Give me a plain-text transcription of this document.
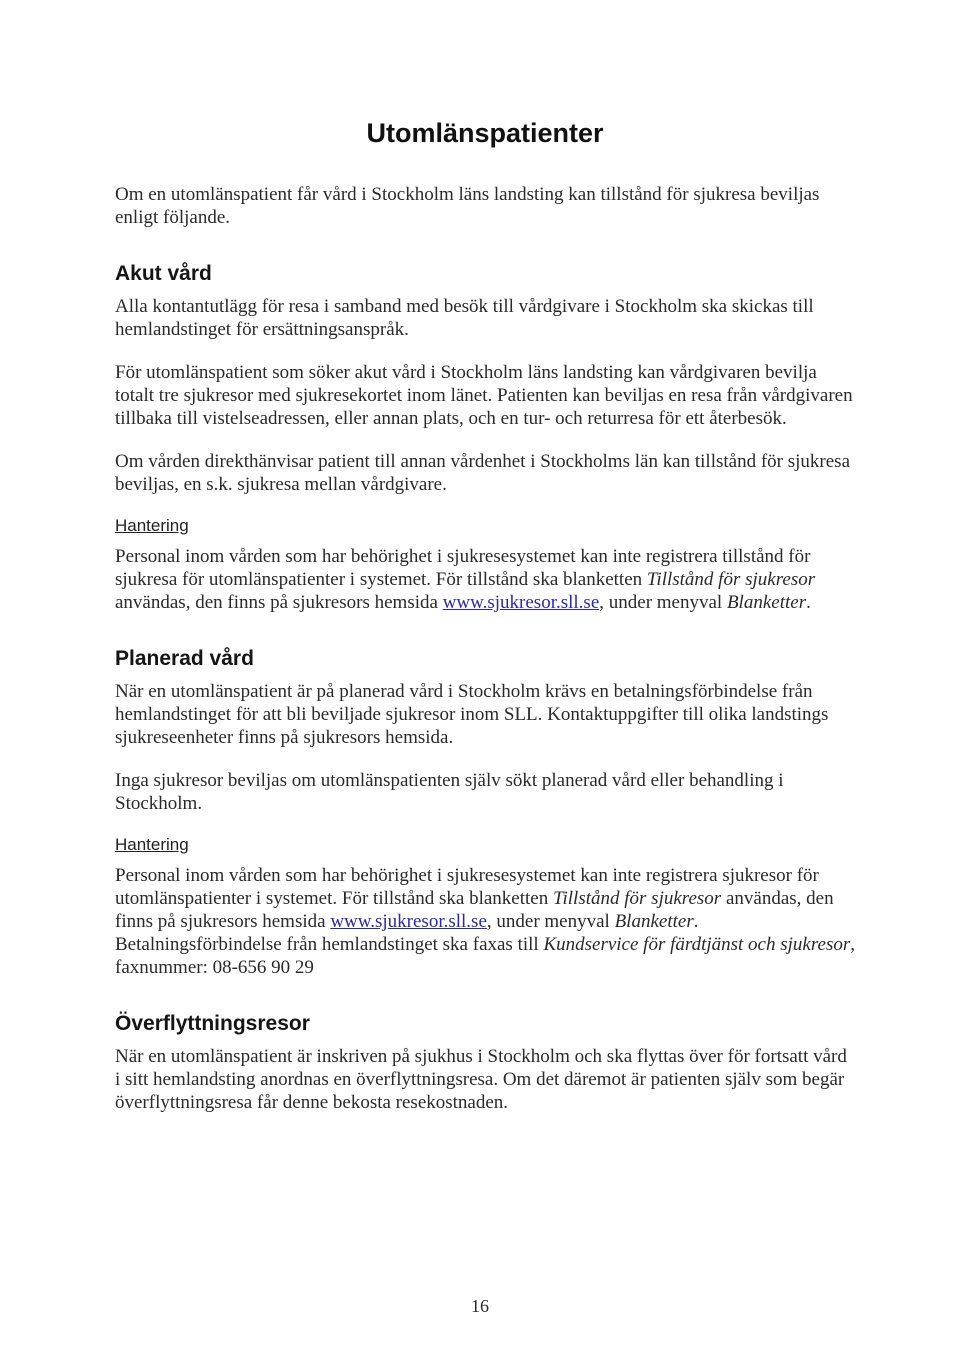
Utomlänspatienter

Om en utomlänspatient får vård i Stockholm läns landsting kan tillstånd för sjukresa beviljas enligt följande.

Akut vård

Alla kontantutlägg för resa i samband med besök till vårdgivare i Stockholm ska skickas till hemlandstinget för ersättningsanspråk.

För utomlänspatient som söker akut vård i Stockholm läns landsting kan vårdgivaren bevilja totalt tre sjukresor med sjukresekortet inom länet. Patienten kan beviljas en resa från vårdgivaren tillbaka till vistelseadressen, eller annan plats, och en tur- och returresa för ett återbesök.

Om vården direkthänvisar patient till annan vårdenhet i Stockholms län kan tillstånd för sjukresa beviljas, en s.k. sjukresa mellan vårdgivare.

Hantering

Personal inom vården som har behörighet i sjukresesystemet kan inte registrera tillstånd för sjukresa för utomlänspatienter i systemet. För tillstånd ska blanketten Tillstånd för sjukresor användas, den finns på sjukresors hemsida www.sjukresor.sll.se, under menyval Blanketter.

Planerad vård

När en utomlänspatient är på planerad vård i Stockholm krävs en betalningsförbindelse från hemlandstinget för att bli beviljade sjukresor inom SLL. Kontaktuppgifter till olika landstings sjukreseenheter finns på sjukresors hemsida.

Inga sjukresor beviljas om utomlänspatienten själv sökt planerad vård eller behandling i Stockholm.

Hantering

Personal inom vården som har behörighet i sjukresesystemet kan inte registrera sjukresor för utomlänspatienter i systemet. För tillstånd ska blanketten Tillstånd för sjukresor användas, den finns på sjukresors hemsida www.sjukresor.sll.se, under menyval Blanketter. Betalningsförbindelse från hemlandstinget ska faxas till Kundservice för färdtjänst och sjukresor, faxnummer: 08-656 90 29

Överflyttningsresor

När en utomlänspatient är inskriven på sjukhus i Stockholm och ska flyttas över för fortsatt vård i sitt hemlandsting anordnas en överflyttningsresa. Om det däremot är patienten själv som begär överflyttningsresa får denne bekosta resekostnaden.

16
